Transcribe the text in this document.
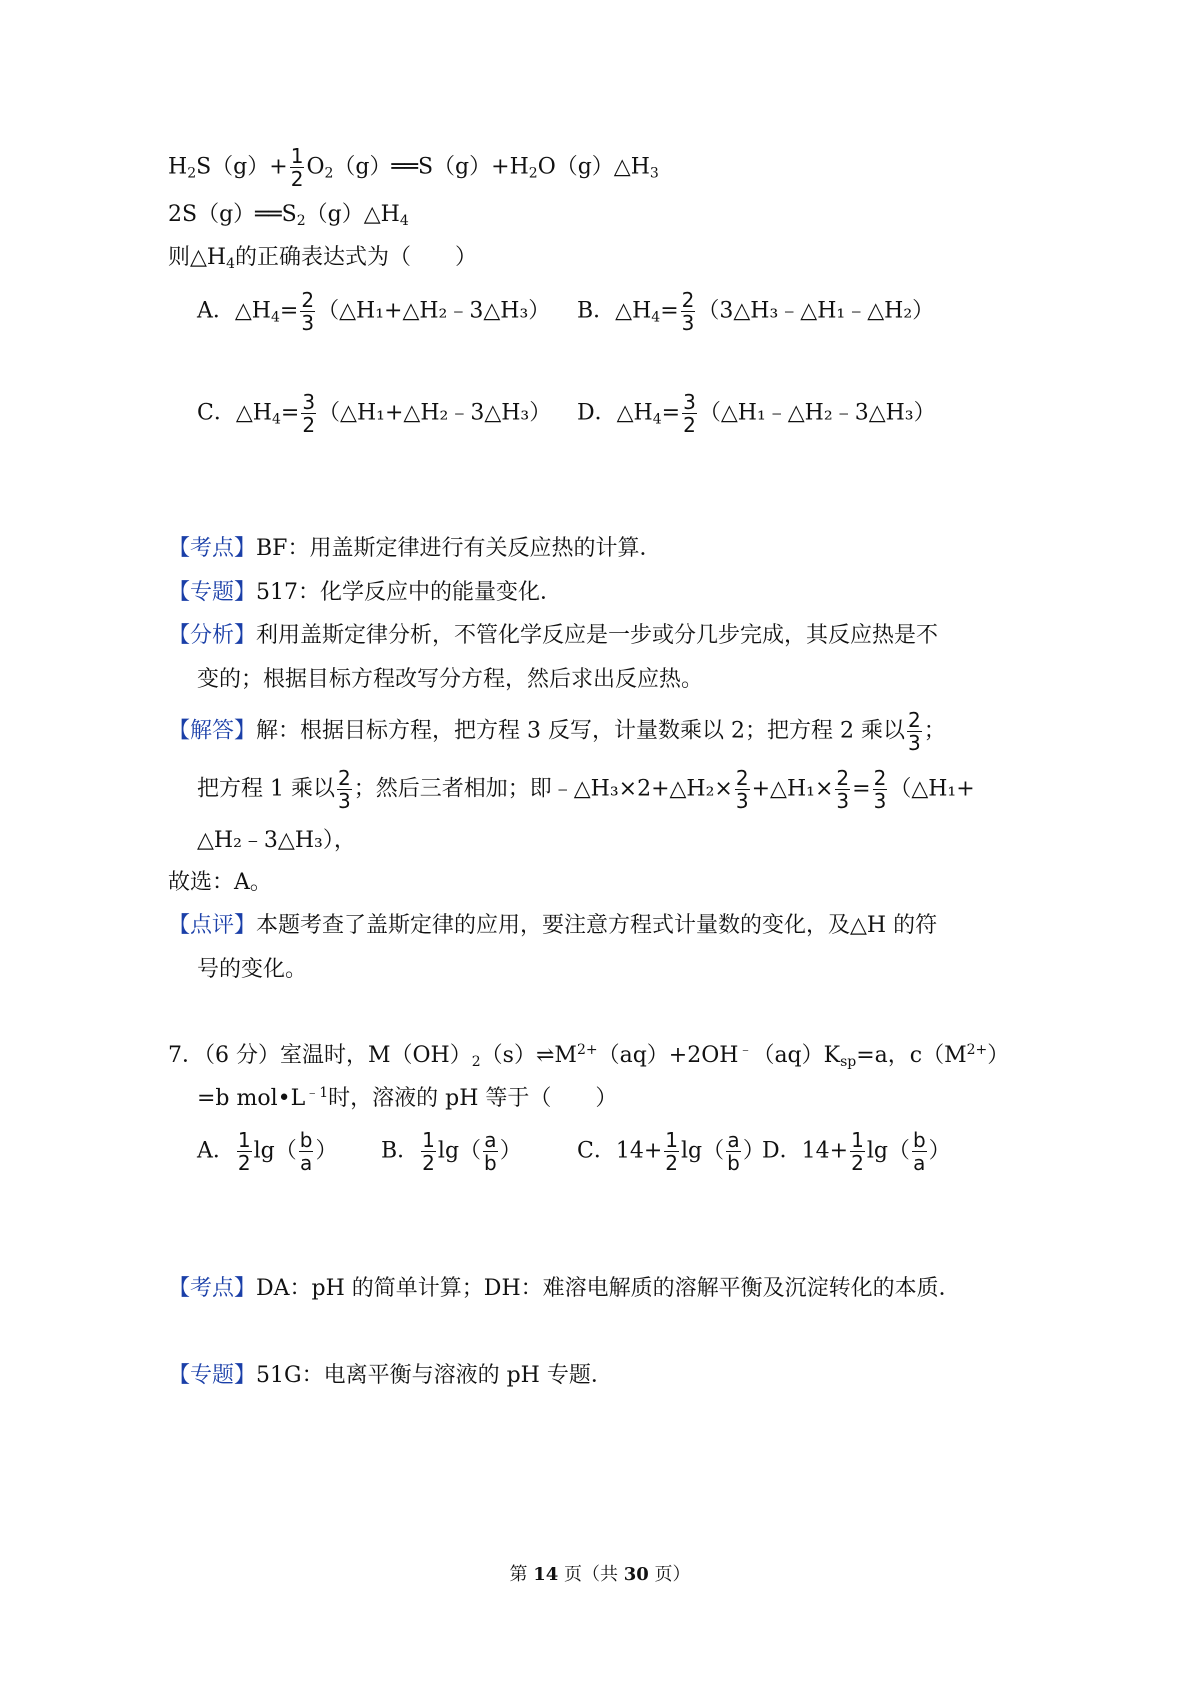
$H_2S(g)+ \frac{1}{2}$ $O_2(g)══S(g)+H_2O(g)\triangle H_3$
$2S(g)══S_2(g)\triangle H_4$
则$\triangle H_4$的正确表达式为（　　）
A．$\triangle H_4= \frac{2}{3}$ （△H₁+△H₂﹣3△H₃） B．$\triangle H_4= \frac{2}{3}$ （3△H₃﹣△H₁﹣△H₂）
C．$\triangle H_4= \frac{3}{2}$ （△H₁+△H₂﹣3△H₃） D．$\triangle H_4= \frac{3}{2}$ （△H₁﹣△H₂﹣3△H₃）
【考点】BF：用盖斯定律进行有关反应热的计算．
【专题】517：化学反应中的能量变化．
【分析】利用盖斯定律分析，不管化学反应是一步或分几步完成，其反应热是不
变的；根据目标方程改写分方程，然后求出反应热。
【解答】解：根据目标方程，把方程 3 反写，计量数乘以 2；把方程 2 乘以 $\frac{2}{3}$ ；
把方程 1 乘以 $\frac{2}{3}$ ；然后三者相加；即﹣△H₃×2+△H₂× $\frac{2}{3}$ +△H₁× $\frac{2}{3} = \frac{2}{3}$ （△H₁+
△H₂﹣3△H₃），
故选：A。
【点评】本题考查了盖斯定律的应用，要注意方程式计量数的变化，及△H 的符
号的变化。
7．（6 分）室温时，$M(OH)_2(s)\rightleftharpoons M^{2+}(aq)+2OH^﹣(aq)K_{sp}=a$，$c(M^{2+})$
=b $mol•L^{﹣1}$时，溶液的 pH 等于（　　）
A． $\frac{1}{2} \lg( \frac{b}{a}$ ） B． $\frac{1}{2} \lg( \frac{a}{b}$ ）	C．$14+ \frac{1}{2} \lg( \frac{a}{b}$ ）
D．$14+ \frac{1}{2} \lg( \frac{b}{a}$ ）
【考点】DA：pH 的简单计算；DH：难溶电解质的溶解平衡及沉淀转化的本质．
【专题】51G：电离平衡与溶液的 pH 专题．
第 14 页（共 30 页）
